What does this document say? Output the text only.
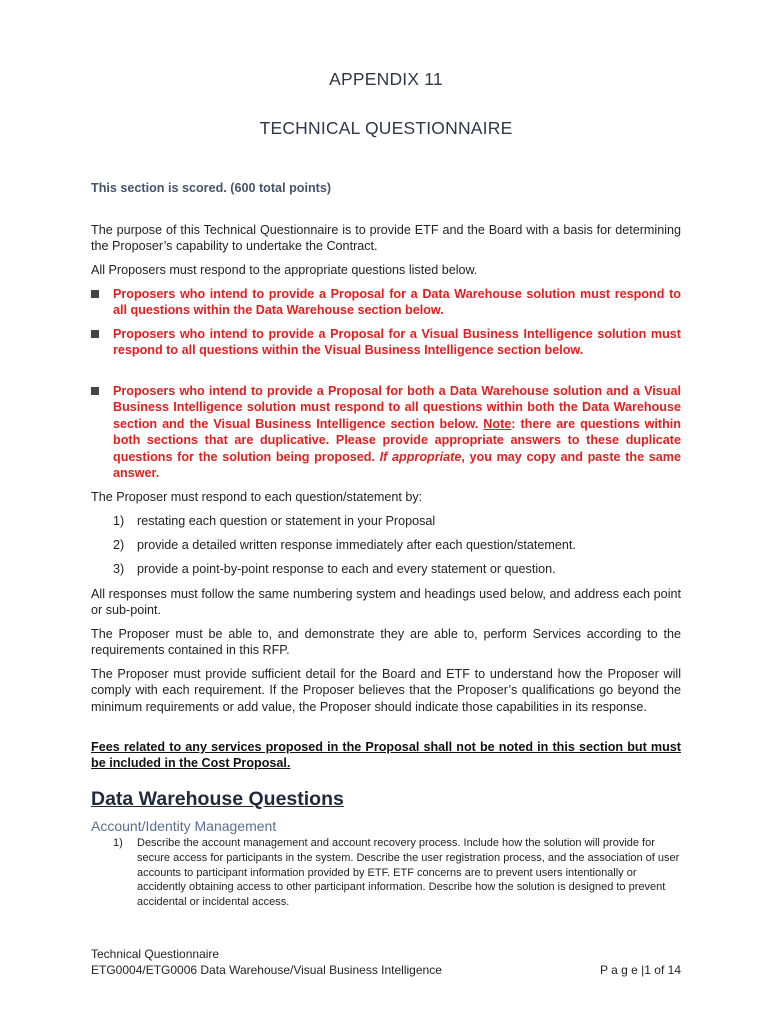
APPENDIX 11
TECHNICAL QUESTIONNAIRE
This section is scored. (600 total points)

The purpose of this Technical Questionnaire is to provide ETF and the Board with a basis for determining the Proposer’s capability to undertake the Contract.

All Proposers must respond to the appropriate questions listed below.

Proposers who intend to provide a Proposal for a Data Warehouse solution must respond to all questions within the Data Warehouse section below.
Proposers who intend to provide a Proposal for a Visual Business Intelligence solution must respond to all questions within the Visual Business Intelligence section below.
Proposers who intend to provide a Proposal for both a Data Warehouse solution and a Visual Business Intelligence solution must respond to all questions within both the Data Warehouse section and the Visual Business Intelligence section below. Note: there are questions within both sections that are duplicative. Please provide appropriate answers to these duplicate questions for the solution being proposed. If appropriate, you may copy and paste the same answer.

The Proposer must respond to each question/statement by:

1) restating each question or statement in your Proposal
2) provide a detailed written response immediately after each question/statement.
3) provide a point-by-point response to each and every statement or question.

All responses must follow the same numbering system and headings used below, and address each point or sub-point.

The Proposer must be able to, and demonstrate they are able to, perform Services according to the requirements contained in this RFP.

The Proposer must provide sufficient detail for the Board and ETF to understand how the Proposer will comply with each requirement. If the Proposer believes that the Proposer’s qualifications go beyond the minimum requirements or add value, the Proposer should indicate those capabilities in its response.

Fees related to any services proposed in the Proposal shall not be noted in this section but must be included in the Cost Proposal.

Data Warehouse Questions
Account/Identity Management
1) Describe the account management and account recovery process. Include how the solution will provide for secure access for participants in the system. Describe the user registration process, and the association of user accounts to participant information provided by ETF. ETF concerns are to prevent users intentionally or accidently obtaining access to other participant information. Describe how the solution is designed to prevent accidental or incidental access.
Technical Questionnaire
ETG0004/ETG0006 Data Warehouse/Visual Business Intelligence	P a g e |1 of 14
